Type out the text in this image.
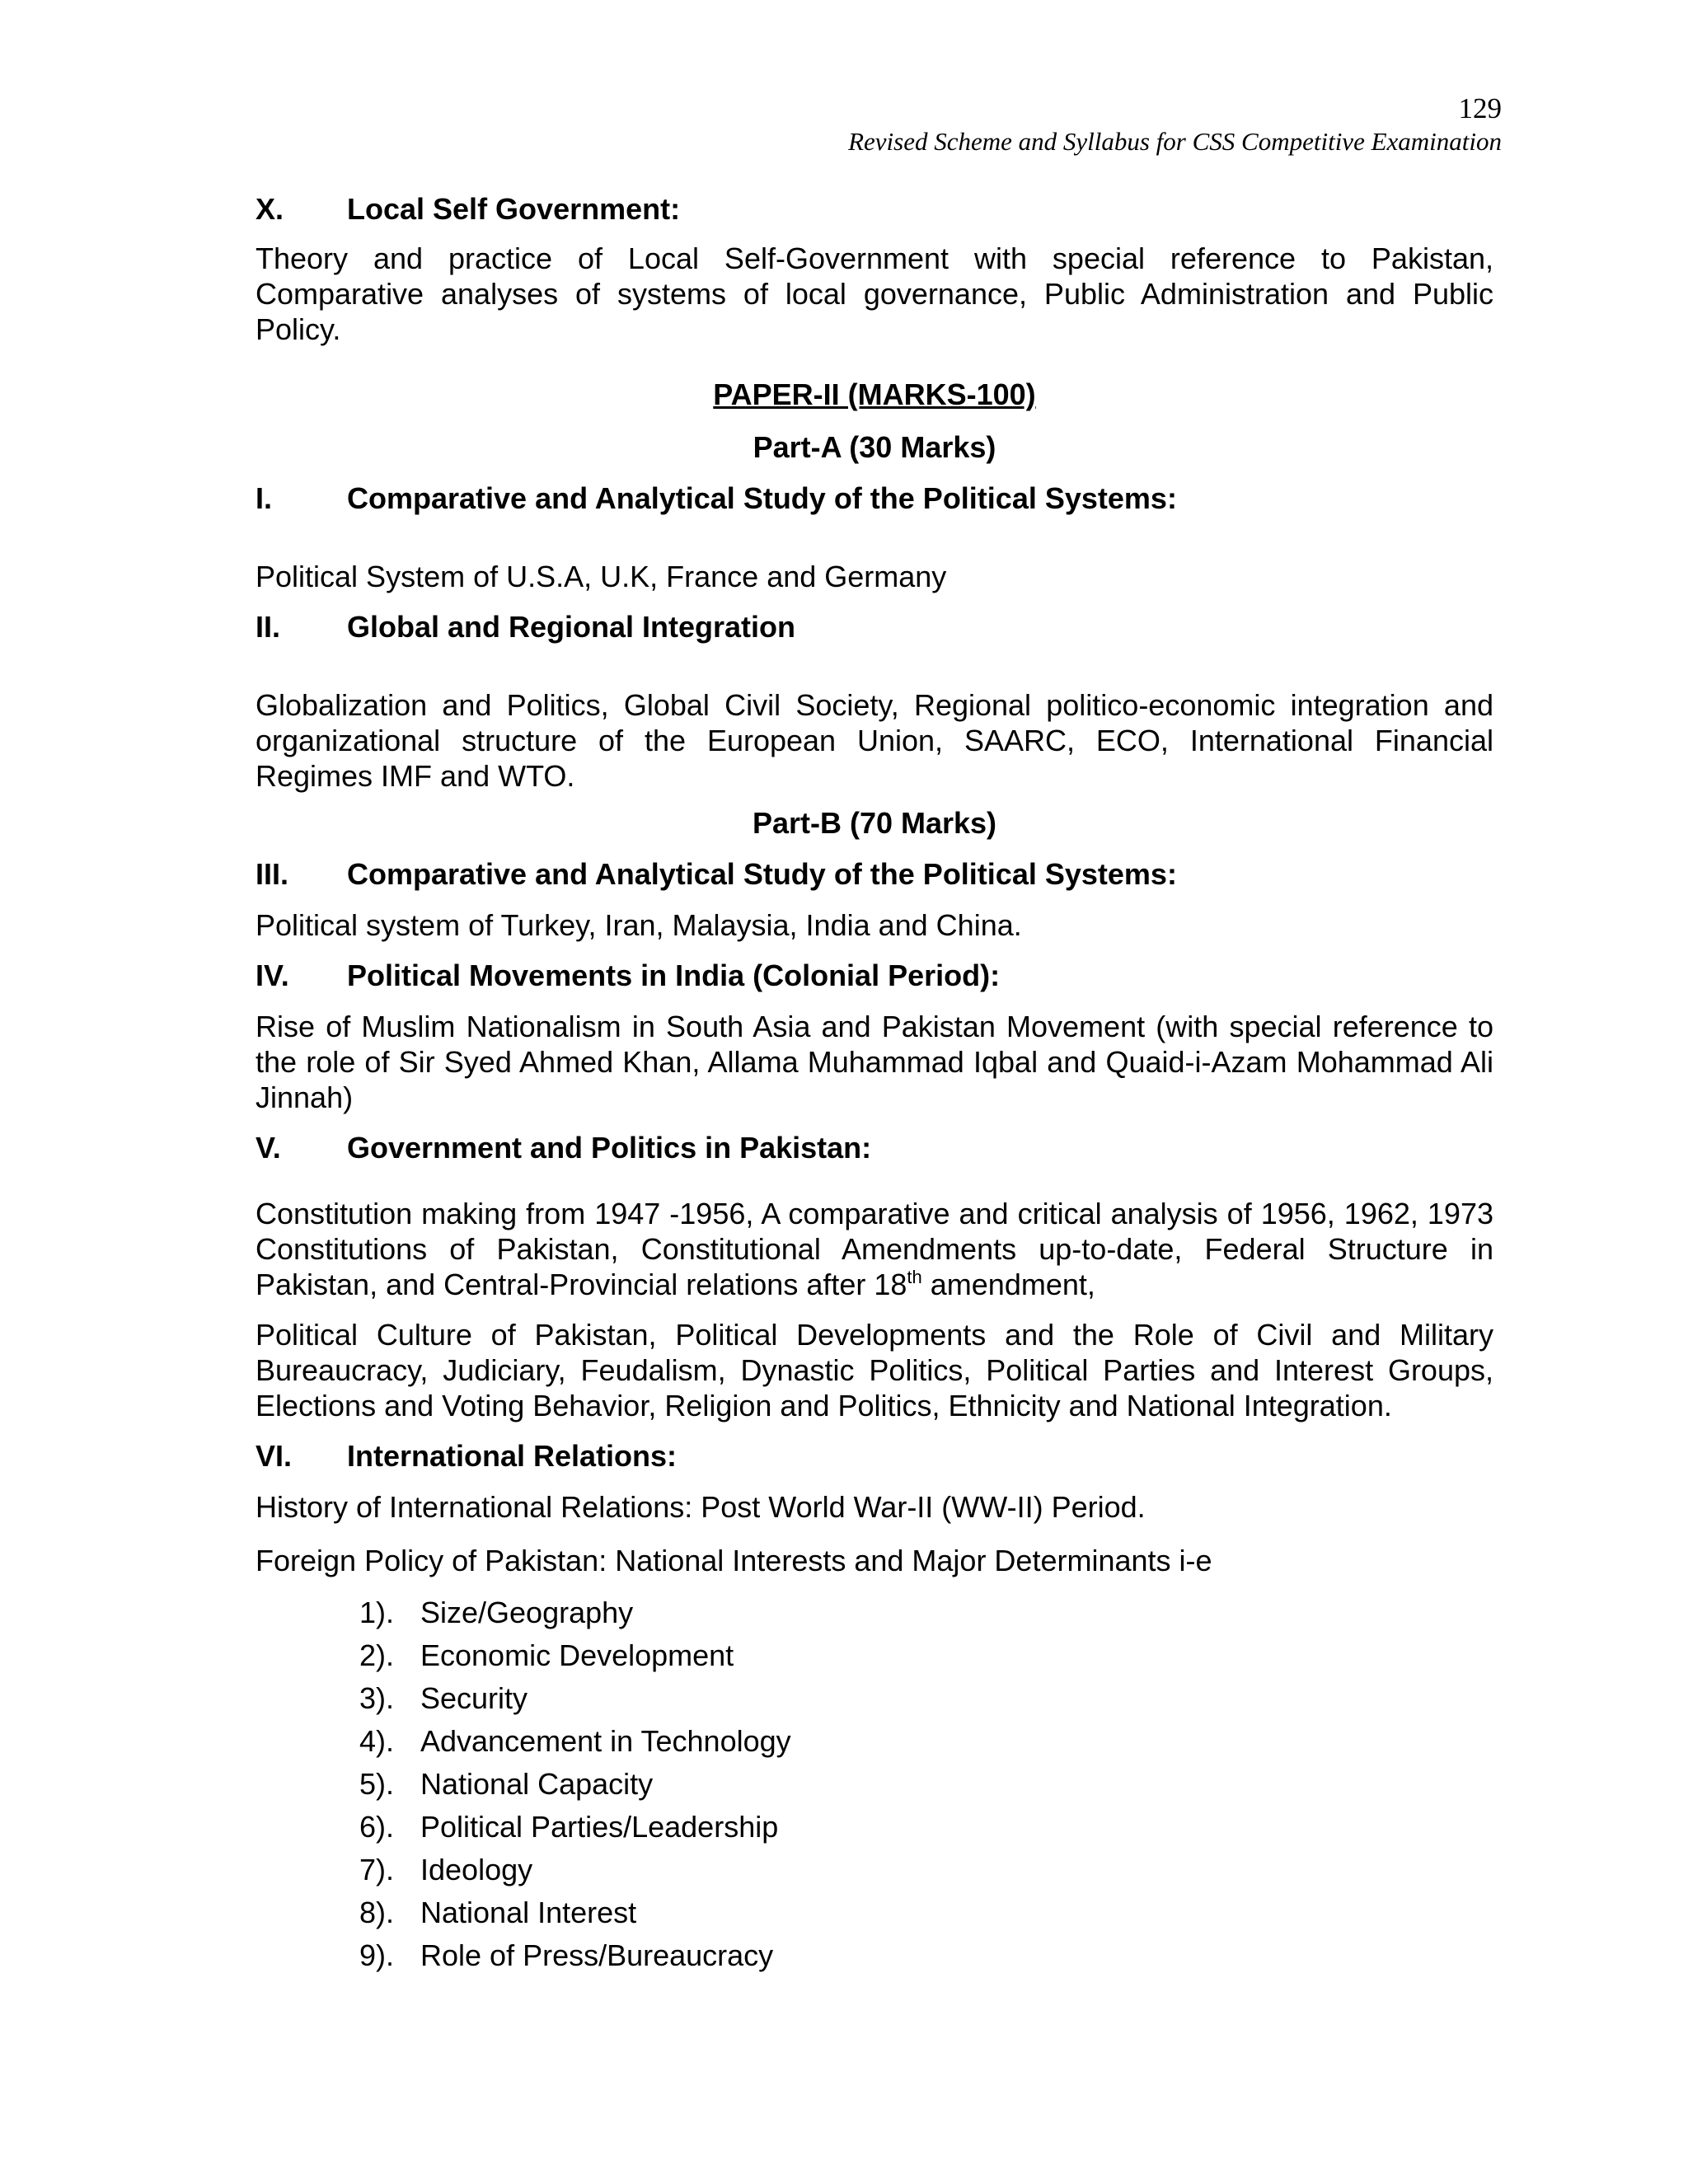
129
Revised Scheme and Syllabus for CSS Competitive Examination
X.	Local Self Government:

Theory and practice of Local Self-Government with special reference to Pakistan, Comparative analyses of systems of local governance, Public Administration and Public Policy.

PAPER-II (MARKS-100)

Part-A (30 Marks)

I.	Comparative and Analytical Study of the Political Systems:

Political System of U.S.A, U.K, France and Germany

II.	Global and Regional Integration

Globalization and Politics, Global Civil Society, Regional politico-economic integration and organizational structure of the European Union, SAARC, ECO, International Financial Regimes IMF and WTO.

Part-B (70 Marks)

III.	Comparative and Analytical Study of the Political Systems:

Political system of Turkey, Iran, Malaysia, India and China.

IV.	Political Movements in India (Colonial Period):

Rise of Muslim Nationalism in South Asia and Pakistan Movement (with special reference to the role of Sir Syed Ahmed Khan, Allama Muhammad Iqbal and Quaid-i-Azam Mohammad Ali Jinnah)

V.	Government and Politics in Pakistan:

Constitution making from 1947 -1956, A comparative and critical analysis of 1956, 1962, 1973 Constitutions of Pakistan, Constitutional Amendments up-to-date, Federal Structure in Pakistan, and Central-Provincial relations after 18th amendment,

Political Culture of Pakistan, Political Developments and the Role of Civil and Military Bureaucracy, Judiciary, Feudalism, Dynastic Politics, Political Parties and Interest Groups, Elections and Voting Behavior, Religion and Politics, Ethnicity and National Integration.

VI.	International Relations:

History of International Relations: Post World War-II (WW-II) Period.

Foreign Policy of Pakistan: National Interests and Major Determinants i-e

1). Size/Geography
2). Economic Development
3). Security
4). Advancement in Technology
5). National Capacity
6). Political Parties/Leadership
7). Ideology
8). National Interest
9). Role of Press/Bureaucracy
